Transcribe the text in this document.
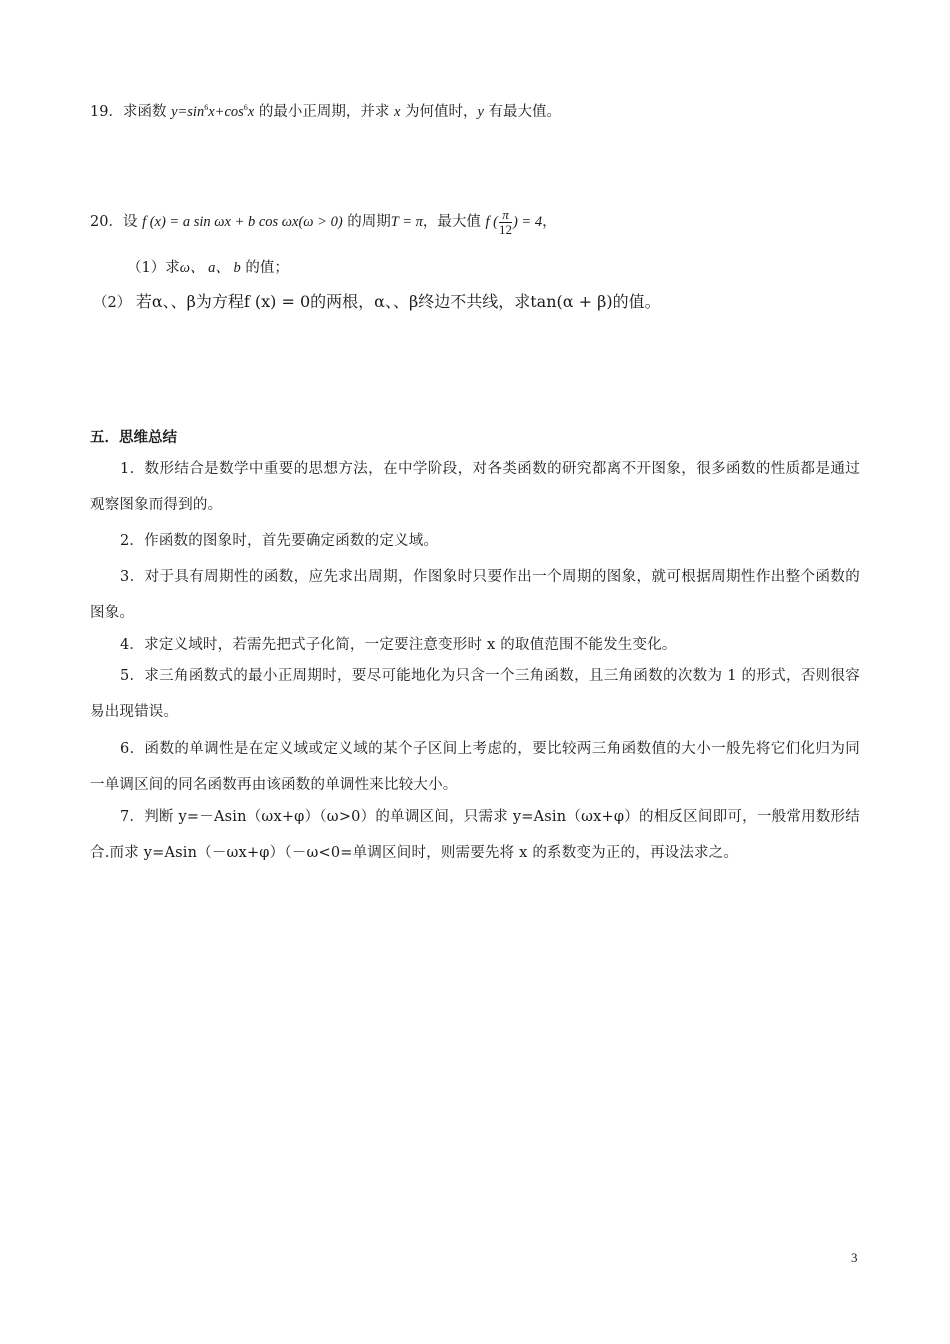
19．求函数 $y=\sin^6x+\cos^6x$ 的最小正周期，并求 x 为何值时，y 有最大值。
20．设 f (x) = a sin ωx + b cos ωx(ω > 0) 的周期T = π，最大值 f ( $\frac{\pi}{12}$ ) = 4，
（1）求ω、 a、 b 的值；
（2） 若α、、β为方程f (x) = 0的两根，α、、β终边不共线，求tan(α + β)的值。
五．思维总结
1．数形结合是数学中重要的思想方法，在中学阶段，对各类函数的研究都离不开图象，很多函数的性质都是通过观察图象而得到的。
2．作函数的图象时，首先要确定函数的定义域。
3．对于具有周期性的函数，应先求出周期，作图象时只要作出一个周期的图象，就可根据周期性作出整个函数的图象。
4．求定义域时，若需先把式子化简，一定要注意变形时 x 的取值范围不能发生变化。
5．求三角函数式的最小正周期时，要尽可能地化为只含一个三角函数，且三角函数的次数为 1 的形式，否则很容易出现错误。
6．函数的单调性是在定义域或定义域的某个子区间上考虑的，要比较两三角函数值的大小一般先将它们化归为同一单调区间的同名函数再由该函数的单调性来比较大小。
7．判断 y=－Asin（ωx+φ）（ω>0）的单调区间，只需求 y=Asin（ωx+φ）的相反区间即可，一般常用数形结合.而求 y=Asin（－ωx+φ）（－ω<0=单调区间时，则需要先将 x 的系数变为正的，再设法求之。
3
